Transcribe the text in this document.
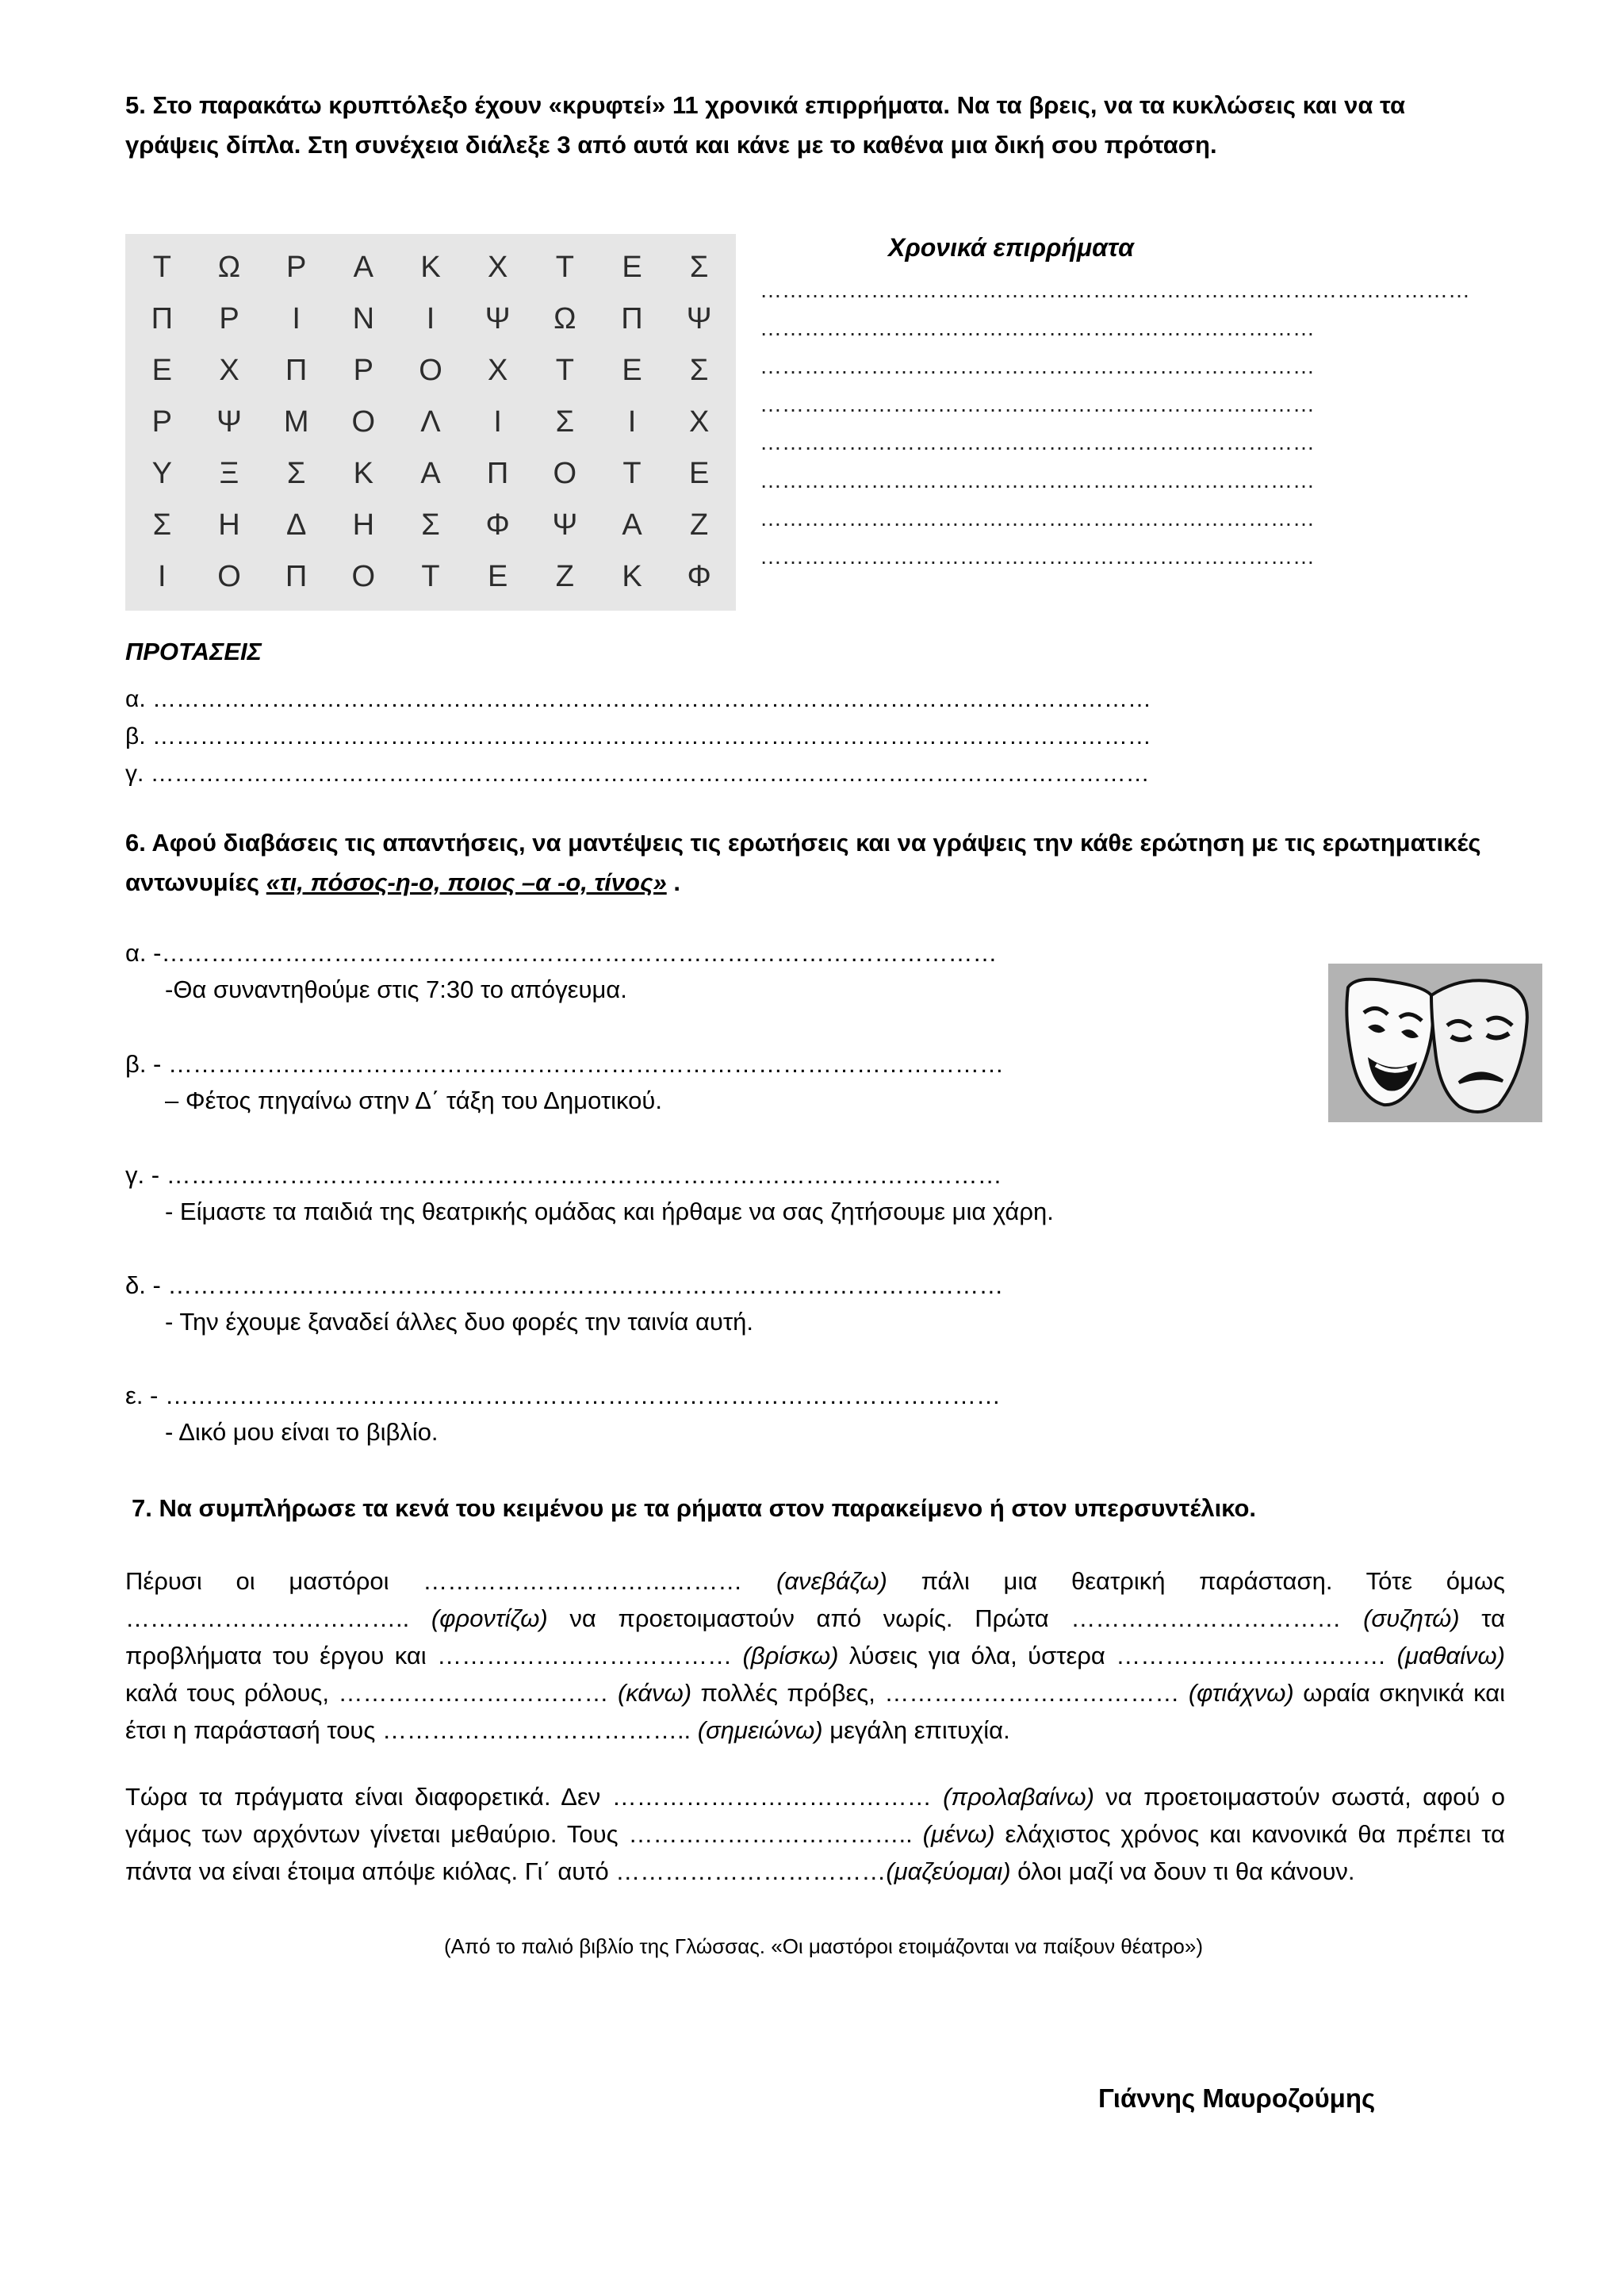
5. Στο παρακάτω κρυπτόλεξο έχουν «κρυφτεί» 11 χρονικά επιρρήματα. Να τα βρεις, να τα κυκλώσεις και να τα γράψεις δίπλα. Στη συνέχεια διάλεξε 3 από αυτά και κάνε με το καθένα μια δική σου πρόταση.
Τ	Ω	Ρ	Α	Κ	Χ	Τ	Ε	Σ
Π	Ρ	Ι	Ν	Ι	Ψ	Ω	Π	Ψ
Ε	Χ	Π	Ρ	Ο	Χ	Τ	Ε	Σ
Ρ	Ψ	Μ	Ο	Λ	Ι	Σ	Ι	Χ
Υ	Ξ	Σ	Κ	Α	Π	Ο	Τ	Ε
Σ	Η	Δ	Η	Σ	Φ	Ψ	Α	Ζ
Ι	Ο	Π	Ο	Τ	Ε	Ζ	Κ	Φ
Χρονικά επιρρήματα
……………………………………………………………………………………
…………………………………………………………………
…………………………………………………………………
…………………………………………………………………
…………………………………………………………………
…………………………………………………………………
…………………………………………………………………
…………………………………………………………………
ΠΡΟΤΑΣΕΙΣ
α. ………………………………………………………………………………………………………………
β. ………………………………………………………………………………………………………………
γ. ………………………………………………………………………………………………………………
6. Αφού διαβάσεις τις απαντήσεις, να μαντέψεις τις ερωτήσεις και να γράψεις την κάθε ερώτηση με τις ερωτηματικές αντωνυμίες «τι, πόσος-η-ο, ποιος –α -ο, τίνος» .
α. -…………………………………………………………………………………………
-Θα συναντηθούμε στις 7:30 το απόγευμα.
β. - …………………………………………………………………………………………
– Φέτος πηγαίνω στην Δ΄ τάξη του Δημοτικού.
γ. - …………………………………………………………………………………………
- Είμαστε τα παιδιά της θεατρικής ομάδας και ήρθαμε να σας ζητήσουμε μια χάρη.
δ. - …………………………………………………………………………………………
- Την έχουμε ξαναδεί άλλες δυο φορές την ταινία αυτή.
ε. - …………………………………………………………………………………………
- Δικό μου είναι το βιβλίο.
7. Να συμπλήρωσε τα κενά του κειμένου με τα ρήματα στον παρακείμενο ή στον υπερσυντέλικο.
Πέρυσι οι μαστόροι ………………………………… (ανεβάζω) πάλι μια θεατρική παράσταση. Τότε όμως …………………………….. (φροντίζω) να προετοιμαστούν από νωρίς. Πρώτα …………………………… (συζητώ) τα προβλήματα του έργου και ……………………………… (βρίσκω) λύσεις για όλα, ύστερα …………………………… (μαθαίνω) καλά τους ρόλους, …………………………… (κάνω) πολλές πρόβες, ……………………………… (φτιάχνω) ωραία σκηνικά και έτσι η παράστασή τους ……………………………….. (σημειώνω) μεγάλη επιτυχία.
Τώρα τα πράγματα είναι διαφορετικά. Δεν ………………………………… (προλαβαίνω) να προετοιμαστούν σωστά, αφού ο γάμος των αρχόντων γίνεται μεθαύριο. Τους …………………………….. (μένω) ελάχιστος χρόνος και κανονικά θα πρέπει τα πάντα να είναι έτοιμα απόψε κιόλας. Γι΄ αυτό ……………………………(μαζεύομαι) όλοι μαζί να δουν τι θα κάνουν.
(Από το παλιό βιβλίο της Γλώσσας. «Οι μαστόροι ετοιμάζονται να παίξουν θέατρο»)
Γιάννης Μαυροζούμης
